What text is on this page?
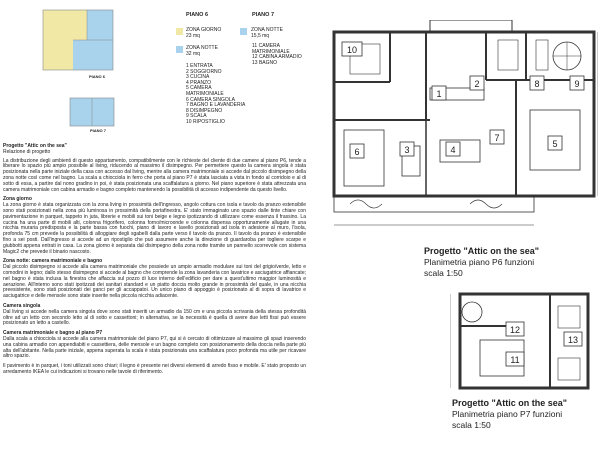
PIANO 6
PIANO 7
PIANO 6	PIANO 7
ZONA GIORNO
23 mq
ZONA NOTTE
32 mq
ZONA NOTTE
15,5 mq
1 ENTRATA
2 SOGGIORNO
3 CUCINA
4 PRANZO
5 CAMERA
MATRIMONIALE
6 CAMERA SINGOLA
7 BAGNO E LAVANDERIA
8 DISIMPEGNO
9 SCALA
10 RIPOSTIGLIO
11 CAMERA
MATRIMONIALE
12 CABINA ARMADIO
13 BAGNO
Progetto "Attic on the sea"

Relazione di progetto

La distribuzione degli ambienti di questo appartamento, compatibilmente con le richieste del cliente di due camere al piano P6, tende a liberare lo spazio più ampio possibile al living, riducendo al massimo il disimpegno. Per permettere questo la camera singola è stata posizionata nella parte iniziale della casa con accesso dal living, mentre alla camera matrimoniale si accede dal piccolo disimpegno della zona notte così come nel bagno. La scala a chiocciola in ferro che porta al piano P7 è stata lasciata a vista in fondo al corridoio e al di sotto di essa, a partire dal nono gradino in poi, è stata posizionata una scaffalatura a giorno. Nel piano superiore è stata attrezzata una camera matrimoniale con cabina armadio e bagno completo mantenendo la possibilità di accesso indipendente da questo livello.

Zona giorno

La zona giorno è stata organizzata con la zona living in prossimità dell'ingresso, angolo cottura con isola e tavolo da pranzo estensibile sono stati posizionati nella zona più luminosa in prossimità della portafinestra. E' stato immaginato uno spazio dalle tinte chiare con pavimentazione in parquet, tappeto in juta, librerie e mobili sui toni beige e legno ipotizzando di utilizzare come essenza il frassino. La cucina ha una parte di mobili alti, colonna frigorifero, colonna forno/microonde e colonna dispensa opportunamente allugate in una nicchia muraria predisposta e la parte bassa con fuochi, piano di lavoro e lavello posizionati ad isola in adesione al muro, l'isola, profonda 75 cm prevede la possibilità di alloggiare degli sgabelli dalla parte verso il tavolo da pranzo. Il tavolo da pranzo è estensibile fino a sei posti. Dall'ingresso si accede ad un ripostiglio che può assumere anche la direzione di guardaroba per togliere scarpe e giubbotti appena entrati in casa. La zona giorno è separata dal disimpegno della zona notte tramite un pannello scorrevole con sistema Magic2 che prevede il binario nascosto.

Zona notte: camera matrimoniale e bagno

Dal piccolo disimpegno si accede alla camera matrimoniale che possiede un ampio armadio modulare sui toni del grigio/verde, letto e comodini in legno; dallo stesso disimpegno si accede al bagno che comprende la zona lavanderia con lavatrice e asciugatrice affiancate; nel bagno è stata inclusa la finestra che affaccia sul pozzo di luce interno dell'edificio per dare a quest'ultimo maggior luminosità e aerazione. All'interno sono stati ipotizzati dei sanitari standard e un piatto doccia molto grande in prossimità del quale, in una nicchia preesistente, sono stati posizionati dei ganci per gli accappatoi. Un unico piano di appoggio è posizionato al di sopra di lavatrice e asciugatrice e delle mensole sono state inserite nella piccola nicchia adiacente.

Camera singola

Dal living si accede nella camera singola dove sono stati inseriti un armadio da 150 cm e una piccola scrivania della stessa profondità oltre ad un letto con secondo letto al di sotto e cassettoni; in alternativa, se la necessità è quella di avere due letti fissi può essere posizionato un letto a castello.

Camera matrimoniale e bagno al piano P7

Dalla scala a chiocciola si accede alla camera matrimoniale del piano P7, qui si è cercato di ottimizzare al massimo gli spazi inserendo una cabina armadio con appendiabiti e cassettiera, delle mensole e un bagno completo con posizionamento della doccia nella parte più alta dell'abitante. Nella parte iniziale, appena superata la scala è stata posizionata una scaffalatura poco profonda ma utile per ricavare altro spazio.

Il pavimento è in parquet, i toni utilizzati sono chiari; il legno è presente nei diversi elementi di arredo fisso e mobile. E' stato proposto un arredamento IKEA le cui indicazioni si trovano nelle tavole di riferimento.

10
1
2	8	9
7
5
6	3	4
Progetto "Attic on the sea"
Planimetria piano P6 funzioni
scala 1:50
12
11
13
Progetto "Attic on the sea"
Planimetria piano P7 funzioni
scala 1:50
